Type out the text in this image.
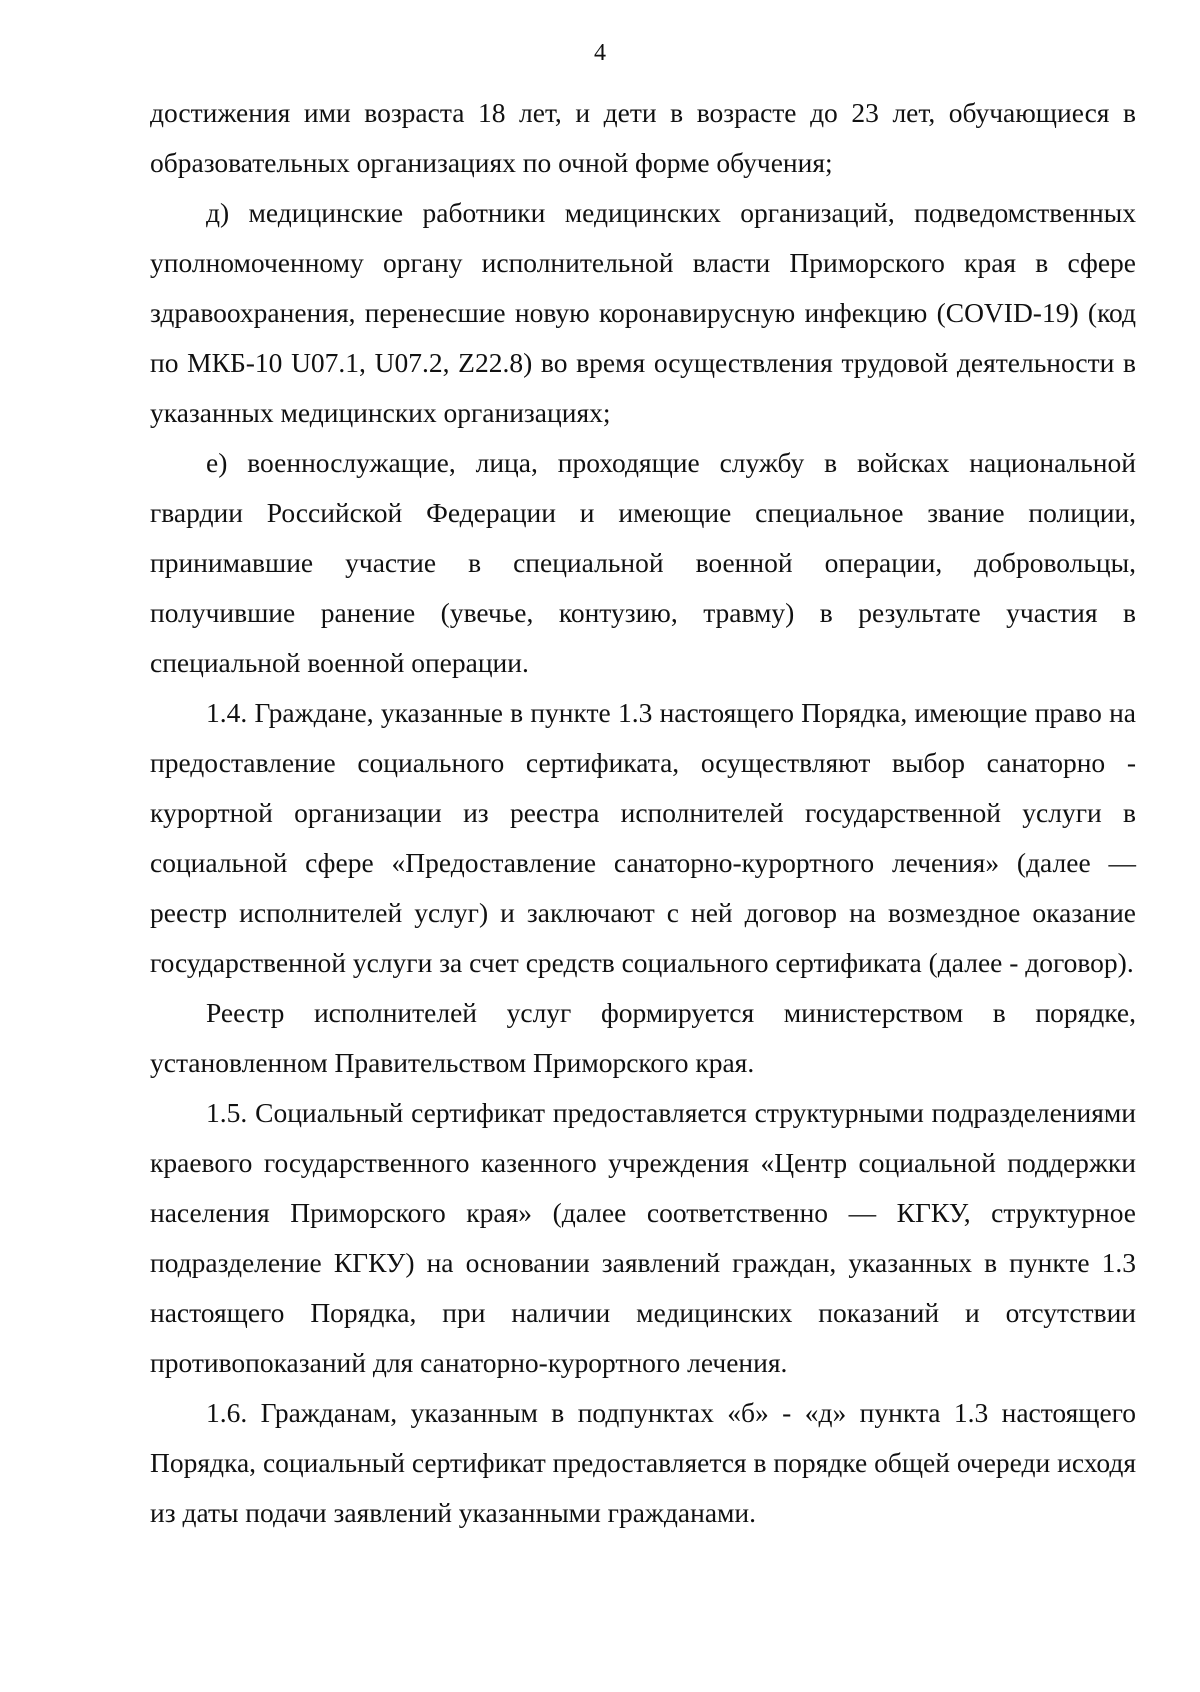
4

достижения ими возраста 18 лет, и дети в возрасте до 23 лет, обучающиеся в образовательных организациях по очной форме обучения;

д) медицинские работники медицинских организаций, подведомственных уполномоченному органу исполнительной власти Приморского края в сфере здравоохранения, перенесшие новую коронавирусную инфекцию (COVID-19) (код по МКБ-10 U07.1, U07.2, Z22.8) во время осуществления трудовой деятельности в указанных медицинских организациях;

е) военнослужащие, лица, проходящие службу в войсках национальной гвардии Российской Федерации и имеющие специальное звание полиции, принимавшие участие в специальной военной операции, добровольцы, получившие ранение (увечье, контузию, травму) в результате участия в специальной военной операции.

1.4. Граждане, указанные в пункте 1.3 настоящего Порядка, имеющие право на предоставление социального сертификата, осуществляют выбор санаторно - курортной организации из реестра исполнителей государственной услуги в социальной сфере «Предоставление санаторно-курортного лечения» (далее — реестр исполнителей услуг) и заключают с ней договор на возмездное оказание государственной услуги за счет средств социального сертификата (далее - договор).

Реестр исполнителей услуг формируется министерством в порядке, установленном Правительством Приморского края.

1.5. Социальный сертификат предоставляется структурными подразделениями краевого государственного казенного учреждения «Центр социальной поддержки населения Приморского края» (далее соответственно — КГКУ, структурное подразделение КГКУ) на основании заявлений граждан, указанных в пункте 1.3 настоящего Порядка, при наличии медицинских показаний и отсутствии противопоказаний для санаторно-курортного лечения.

1.6. Гражданам, указанным в подпунктах «б» - «д» пункта 1.3 настоящего Порядка, социальный сертификат предоставляется в порядке общей очереди исходя из даты подачи заявлений указанными гражданами.
